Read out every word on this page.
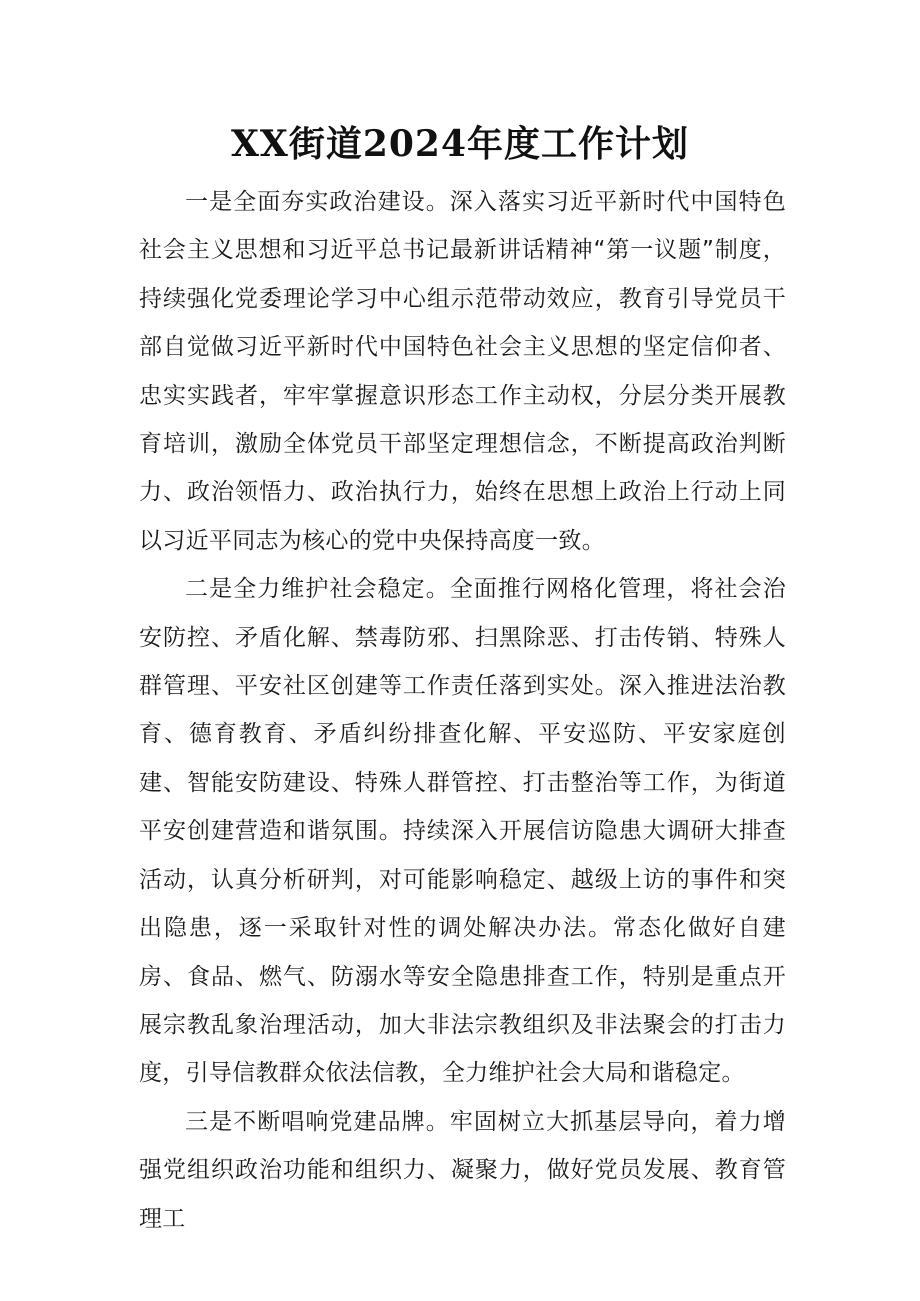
XX街道2024年度工作计划

一是全面夯实政治建设。深入落实习近平新时代中国特色社会主义思想和习近平总书记最新讲话精神“第一议题”制度，持续强化党委理论学习中心组示范带动效应，教育引导党员干部自觉做习近平新时代中国特色社会主义思想的坚定信仰者、忠实实践者，牢牢掌握意识形态工作主动权，分层分类开展教育培训，激励全体党员干部坚定理想信念，不断提高政治判断力、政治领悟力、政治执行力，始终在思想上政治上行动上同以习近平同志为核心的党中央保持高度一致。

二是全力维护社会稳定。全面推行网格化管理，将社会治安防控、矛盾化解、禁毒防邪、扫黑除恶、打击传销、特殊人群管理、平安社区创建等工作责任落到实处。深入推进法治教育、德育教育、矛盾纠纷排查化解、平安巡防、平安家庭创建、智能安防建设、特殊人群管控、打击整治等工作，为街道平安创建营造和谐氛围。持续深入开展信访隐患大调研大排查活动，认真分析研判，对可能影响稳定、越级上访的事件和突出隐患，逐一采取针对性的调处解决办法。常态化做好自建房、食品、燃气、防溺水等安全隐患排查工作，特别是重点开展宗教乱象治理活动，加大非法宗教组织及非法聚会的打击力度，引导信教群众依法信教，全力维护社会大局和谐稳定。

三是不断唱响党建品牌。牢固树立大抓基层导向，着力增强党组织政治功能和组织力、凝聚力，做好党员发展、教育管理工
